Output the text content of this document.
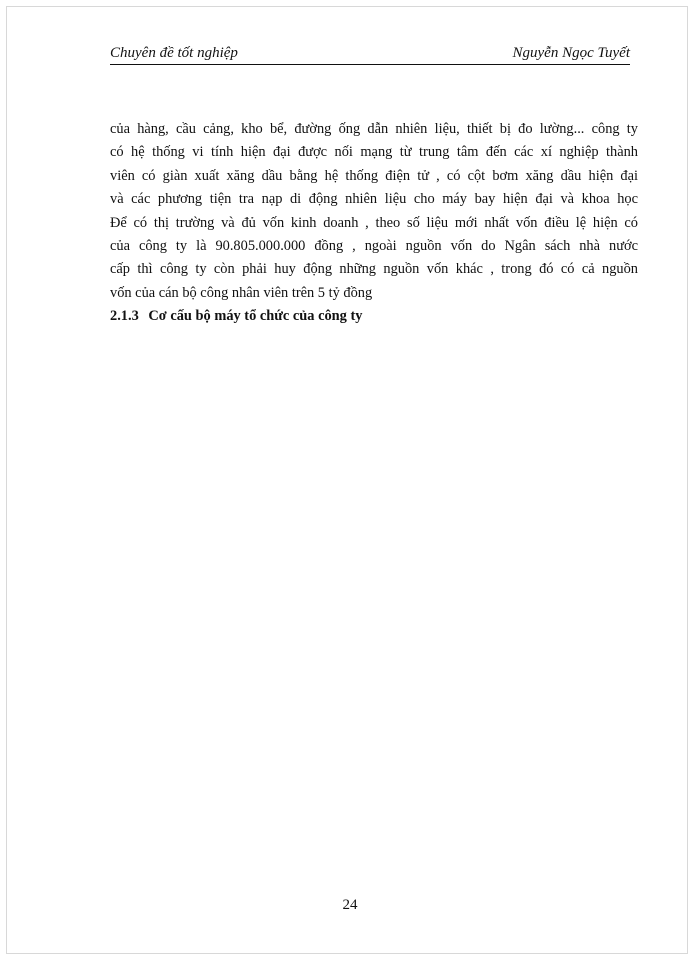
Chuyên đề tốt nghiệp	Nguyễn Ngọc Tuyết
của hàng, cầu cảng, kho bể, đường ống dẫn nhiên liệu, thiết bị đo lường... công ty
có hệ thống vi tính hiện đại được nối mạng từ trung tâm đến các xí nghiệp thành
viên có giàn xuất xăng dầu bằng hệ thống điện tử , có cột bơm xăng dầu hiện đại
và các phương tiện tra nạp di động nhiên liệu cho máy bay hiện đại và khoa học
Để có thị trường và đủ vốn kinh doanh , theo số liệu mới nhất vốn điều lệ hiện có
của công ty là 90.805.000.000 đồng , ngoài nguồn vốn do Ngân sách nhà nước
cấp thì công ty còn phải huy động những nguồn vốn khác , trong đó có cả nguồn
vốn của cán bộ công nhân viên trên 5 tỷ đồng
2.1.3 Cơ cấu bộ máy tổ chức của công ty
24
